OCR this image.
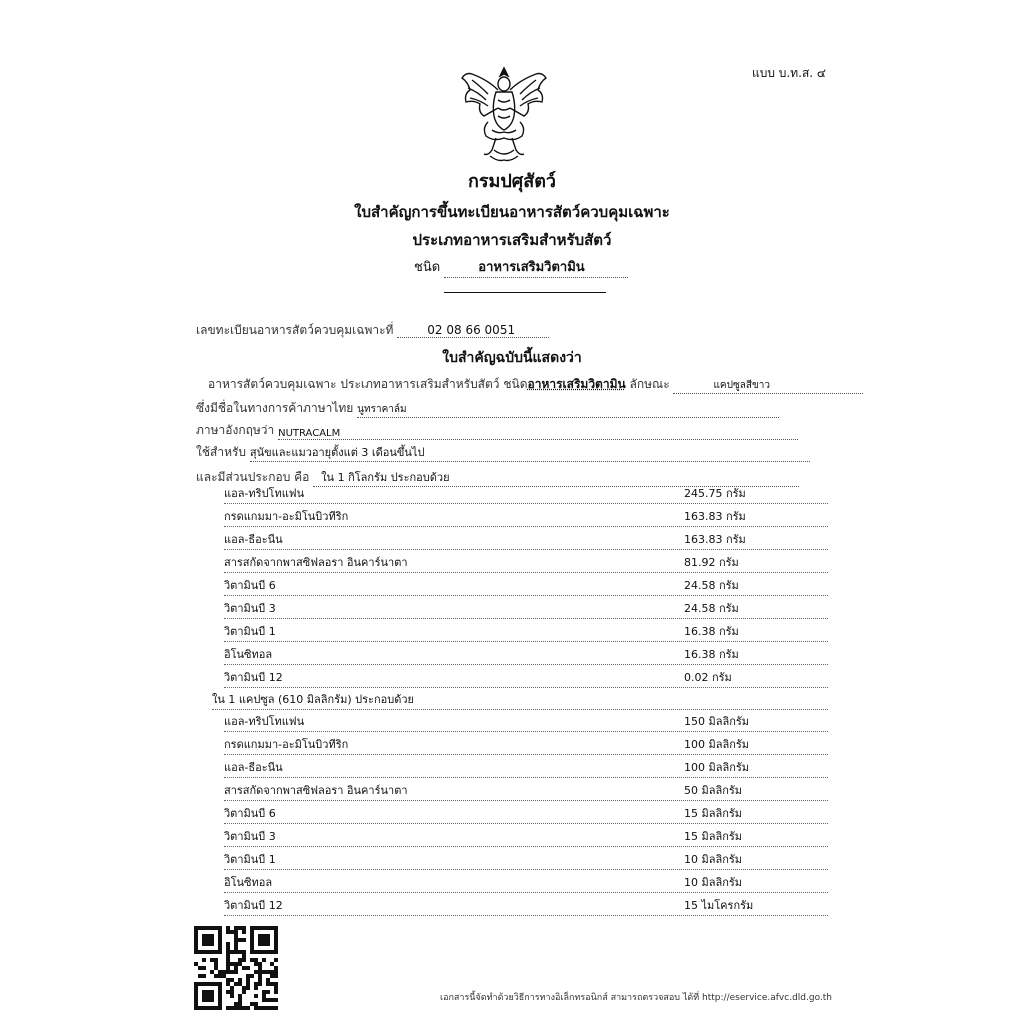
แบบ บ.ท.ส. ๔
กรมปศุสัตว์
ใบสำคัญการขึ้นทะเบียนอาหารสัตว์ควบคุมเฉพาะ
ประเภทอาหารเสริมสำหรับสัตว์
ชนิด	อาหารเสริมวิตามิน
เลขทะเบียนอาหารสัตว์ควบคุมเฉพาะที่	02 08 66 0051
ใบสำคัญฉบับนี้แสดงว่า
อาหารสัตว์ควบคุมเฉพาะ ประเภทอาหารเสริมสำหรับสัตว์ ชนิดอาหารเสริมวิตามิน ลักษณะ	แคปซูลสีขาว
ซึ่งมีชื่อในทางการค้าภาษาไทย นูทราคาล์ม
ภาษาอังกฤษว่า NUTRACALM
ใช้สำหรับ สุนัขและแมวอายุตั้งแต่ 3 เดือนขึ้นไป
และมีส่วนประกอบ คือ ใน 1 กิโลกรัม ประกอบด้วย
แอล-ทริปโทแฟน	245.75 กรัม
กรดแกมมา-อะมิโนบิวทีริก	163.83 กรัม
แอล-ธีอะนีน	163.83 กรัม
สารสกัดจากพาสซิฟลอรา อินคาร์นาตา	81.92 กรัม
วิตามินบี 6	24.58 กรัม
วิตามินบี 3	24.58 กรัม
วิตามินบี 1	16.38 กรัม
อิโนซิทอล	16.38 กรัม
วิตามินบี 12	0.02 กรัม
ใน 1 แคปซูล (610 มิลลิกรัม) ประกอบด้วย
แอล-ทริปโทแฟน	150 มิลลิกรัม
กรดแกมมา-อะมิโนบิวทีริก	100 มิลลิกรัม
แอล-ธีอะนีน	100 มิลลิกรัม
สารสกัดจากพาสซิฟลอรา อินคาร์นาตา	50 มิลลิกรัม
วิตามินบี 6	15 มิลลิกรัม
วิตามินบี 3	15 มิลลิกรัม
วิตามินบี 1	10 มิลลิกรัม
อิโนซิทอล	10 มิลลิกรัม
วิตามินบี 12	15 ไมโครกรัม
เอกสารนี้จัดทำด้วยวิธีการทางอิเล็กทรอนิกส์ สามารถตรวจสอบ ได้ที่ http://eservice.afvc.dld.go.th
